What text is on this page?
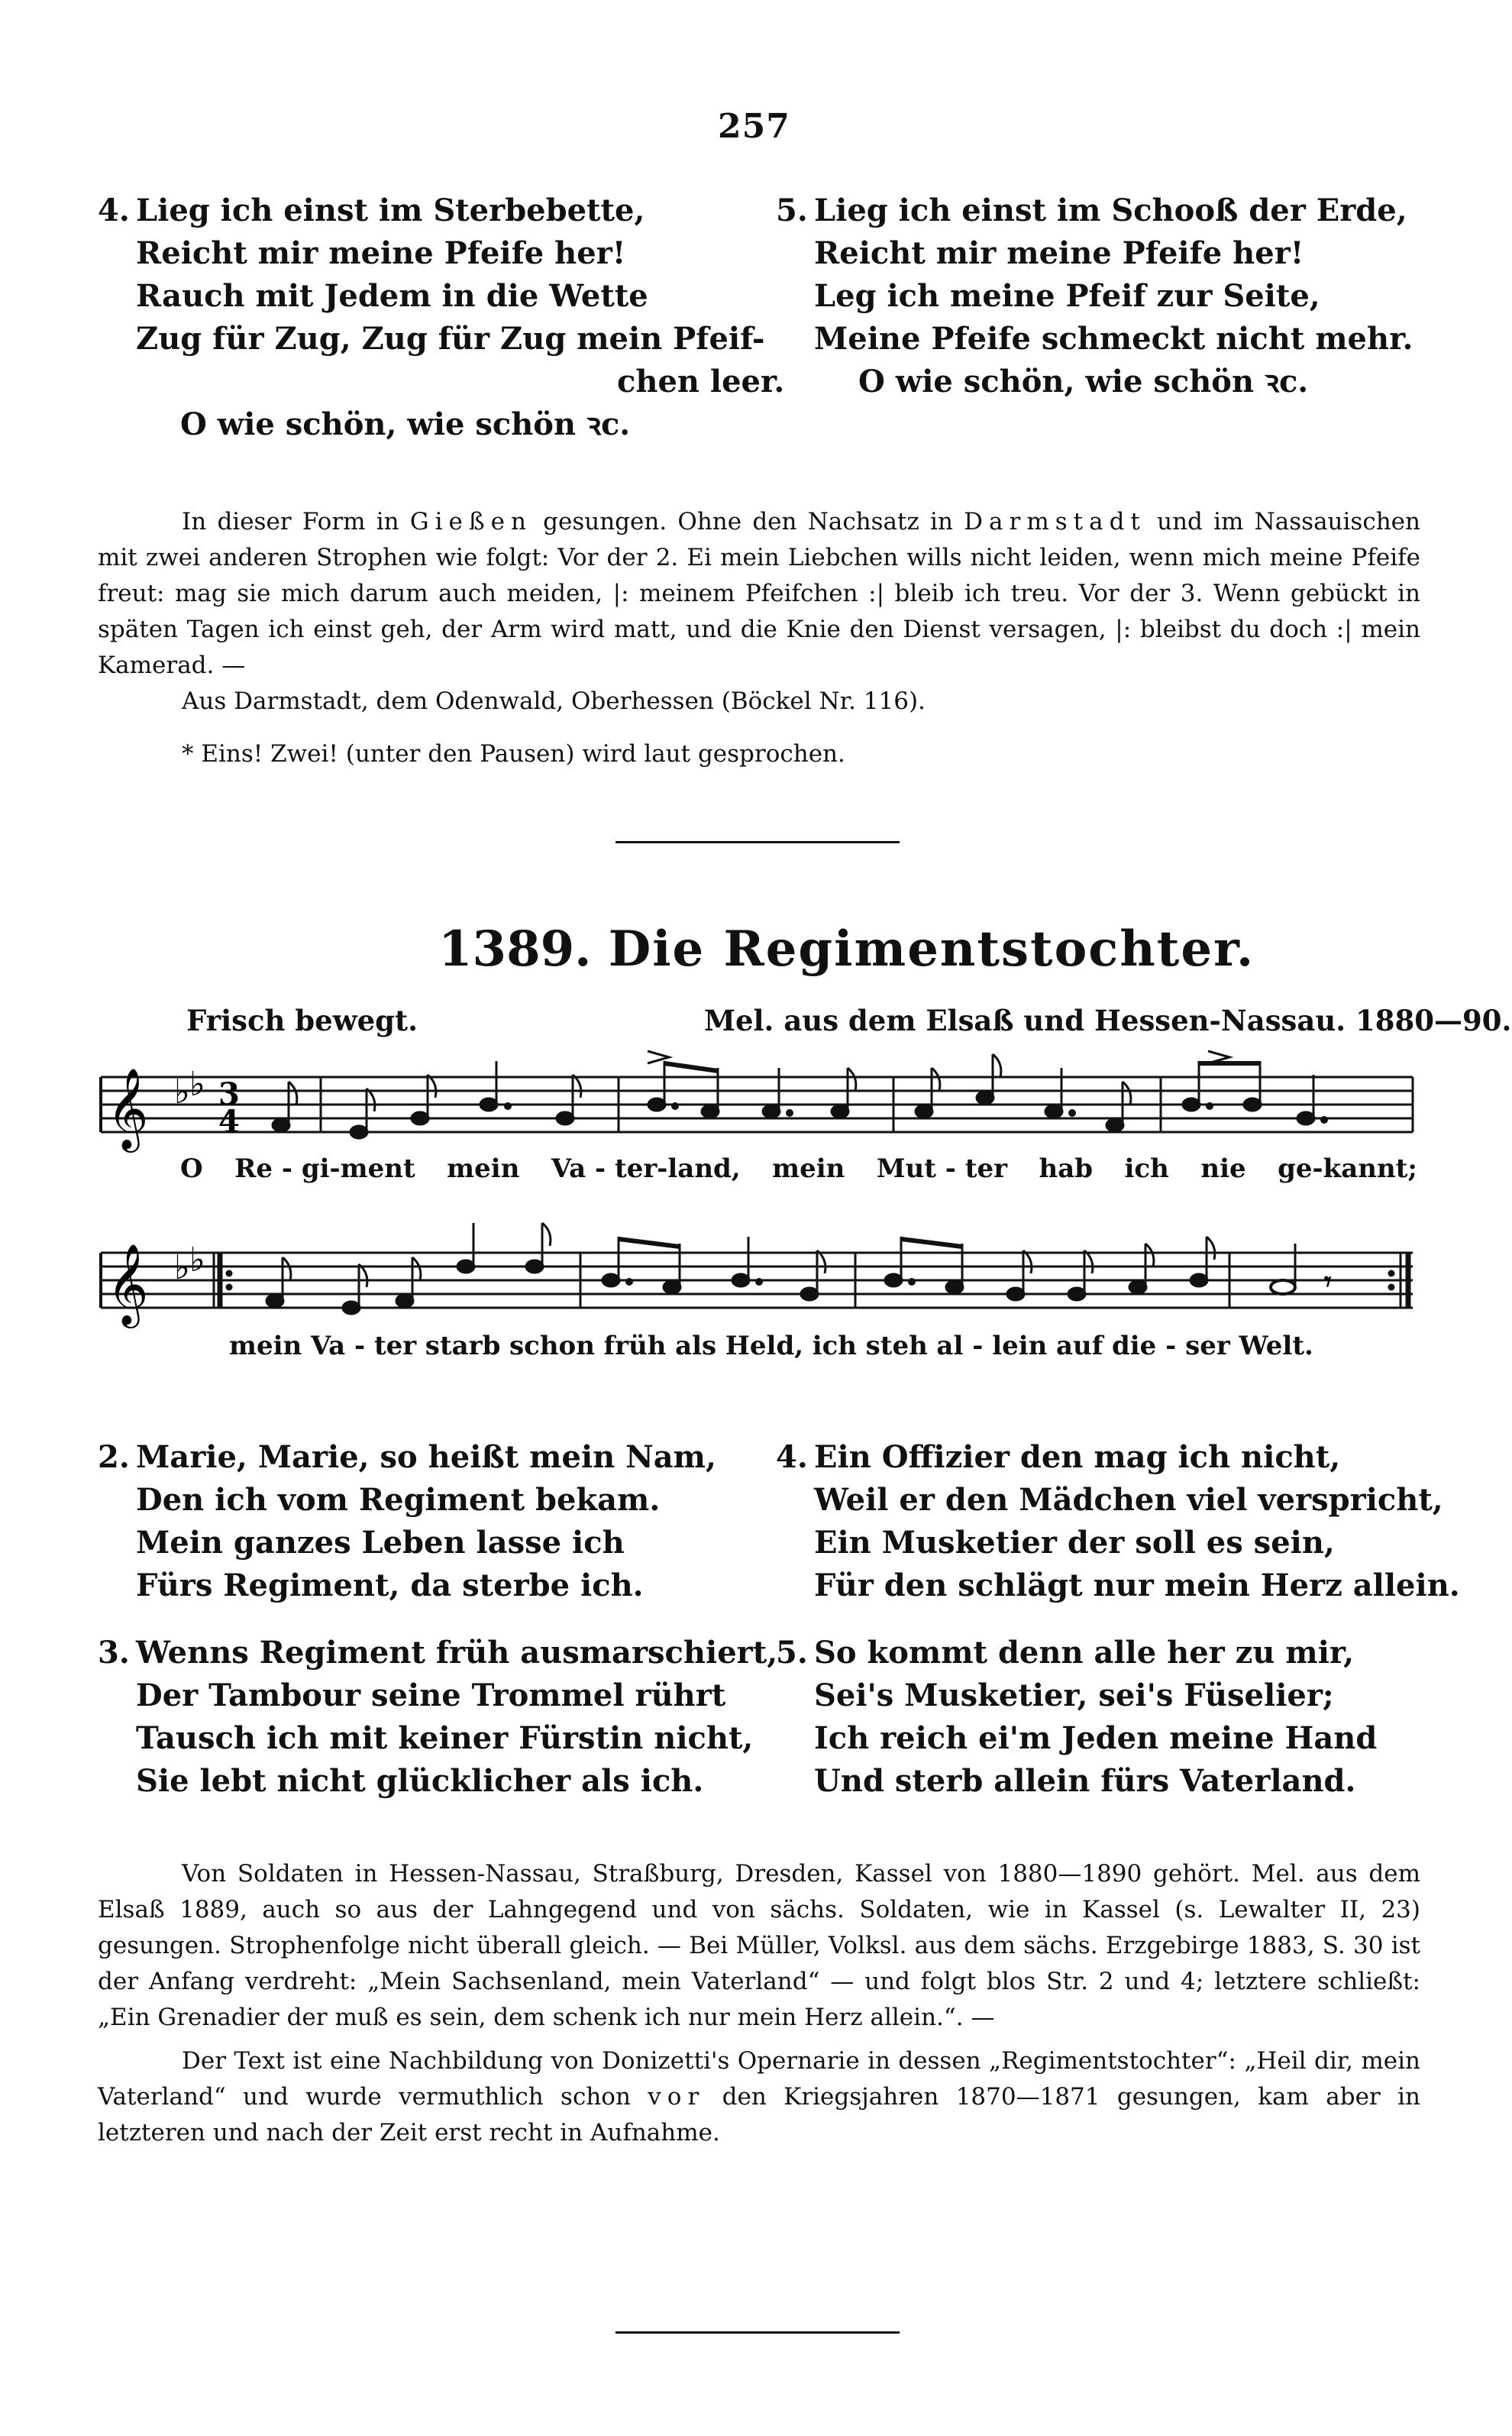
257
4. Lieg ich einst im Sterbebette,
Reicht mir meine Pfeife her!
Rauch mit Jedem in die Wette
Zug für Zug, Zug für Zug mein Pfeif-
chen leer.
O wie schön, wie schön ꝛc.
5. Lieg ich einst im Schooß der Erde,
Reicht mir meine Pfeife her!
Leg ich meine Pfeif zur Seite,
Meine Pfeife schmeckt nicht mehr.
O wie schön, wie schön ꝛc.

In dieser Form in Gießen gesungen. Ohne den Nachsatz in Darmstadt und im Nassauischen mit zwei anderen Strophen wie folgt: Vor der 2. Ei mein Liebchen wills nicht leiden, wenn mich meine Pfeife freut: mag sie mich darum auch meiden, |: meinem Pfeifchen :| bleib ich treu. Vor der 3. Wenn gebückt in späten Tagen ich einst geh, der Arm wird matt, und die Knie den Dienst versagen, |: bleibst du doch :| mein Kamerad. —

Aus Darmstadt, dem Odenwald, Oberhessen (Böckel Nr. 116).

* Eins! Zwei! (unter den Pausen) wird laut gesprochen.

1389. Die Regimentstochter.
Frisch bewegt.	Mel. aus dem Elsaß und Hessen-Nassau. 1880—90.
𝄞 ♭ ♭ 3
4
O Re - gi-ment mein Va - ter-land, mein Mut - ter hab ich nie ge-kannt;
𝄞 ♭ ♭
𝄾
mein Va - ter starb schon früh als Held, ich steh al - lein auf die - ser Welt.
2. Marie, Marie, so heißt mein Nam,
Den ich vom Regiment bekam.
Mein ganzes Leben lasse ich
Fürs Regiment, da sterbe ich.
4. Ein Offizier den mag ich nicht,
Weil er den Mädchen viel verspricht,
Ein Musketier der soll es sein,
Für den schlägt nur mein Herz allein.
3. Wenns Regiment früh ausmarschiert,
Der Tambour seine Trommel rührt
Tausch ich mit keiner Fürstin nicht,
Sie lebt nicht glücklicher als ich.
5. So kommt denn alle her zu mir,
Sei's Musketier, sei's Füselier;
Ich reich ei'm Jeden meine Hand
Und sterb allein fürs Vaterland.

Von Soldaten in Hessen-Nassau, Straßburg, Dresden, Kassel von 1880—1890 gehört. Mel. aus dem Elsaß 1889, auch so aus der Lahngegend und von sächs. Soldaten, wie in Kassel (s. Lewalter II, 23) gesungen. Strophenfolge nicht überall gleich. — Bei Müller, Volksl. aus dem sächs. Erzgebirge 1883, S. 30 ist der Anfang verdreht: „Mein Sachsenland, mein Vaterland“ — und folgt blos Str. 2 und 4; letztere schließt: „Ein Grenadier der muß es sein, dem schenk ich nur mein Herz allein.“. —

Der Text ist eine Nachbildung von Donizetti's Opernarie in dessen „Regimentstochter“: „Heil dir, mein Vaterland“ und wurde vermuthlich schon vor den Kriegsjahren 1870—1871 gesungen, kam aber in letzteren und nach der Zeit erst recht in Aufnahme.
